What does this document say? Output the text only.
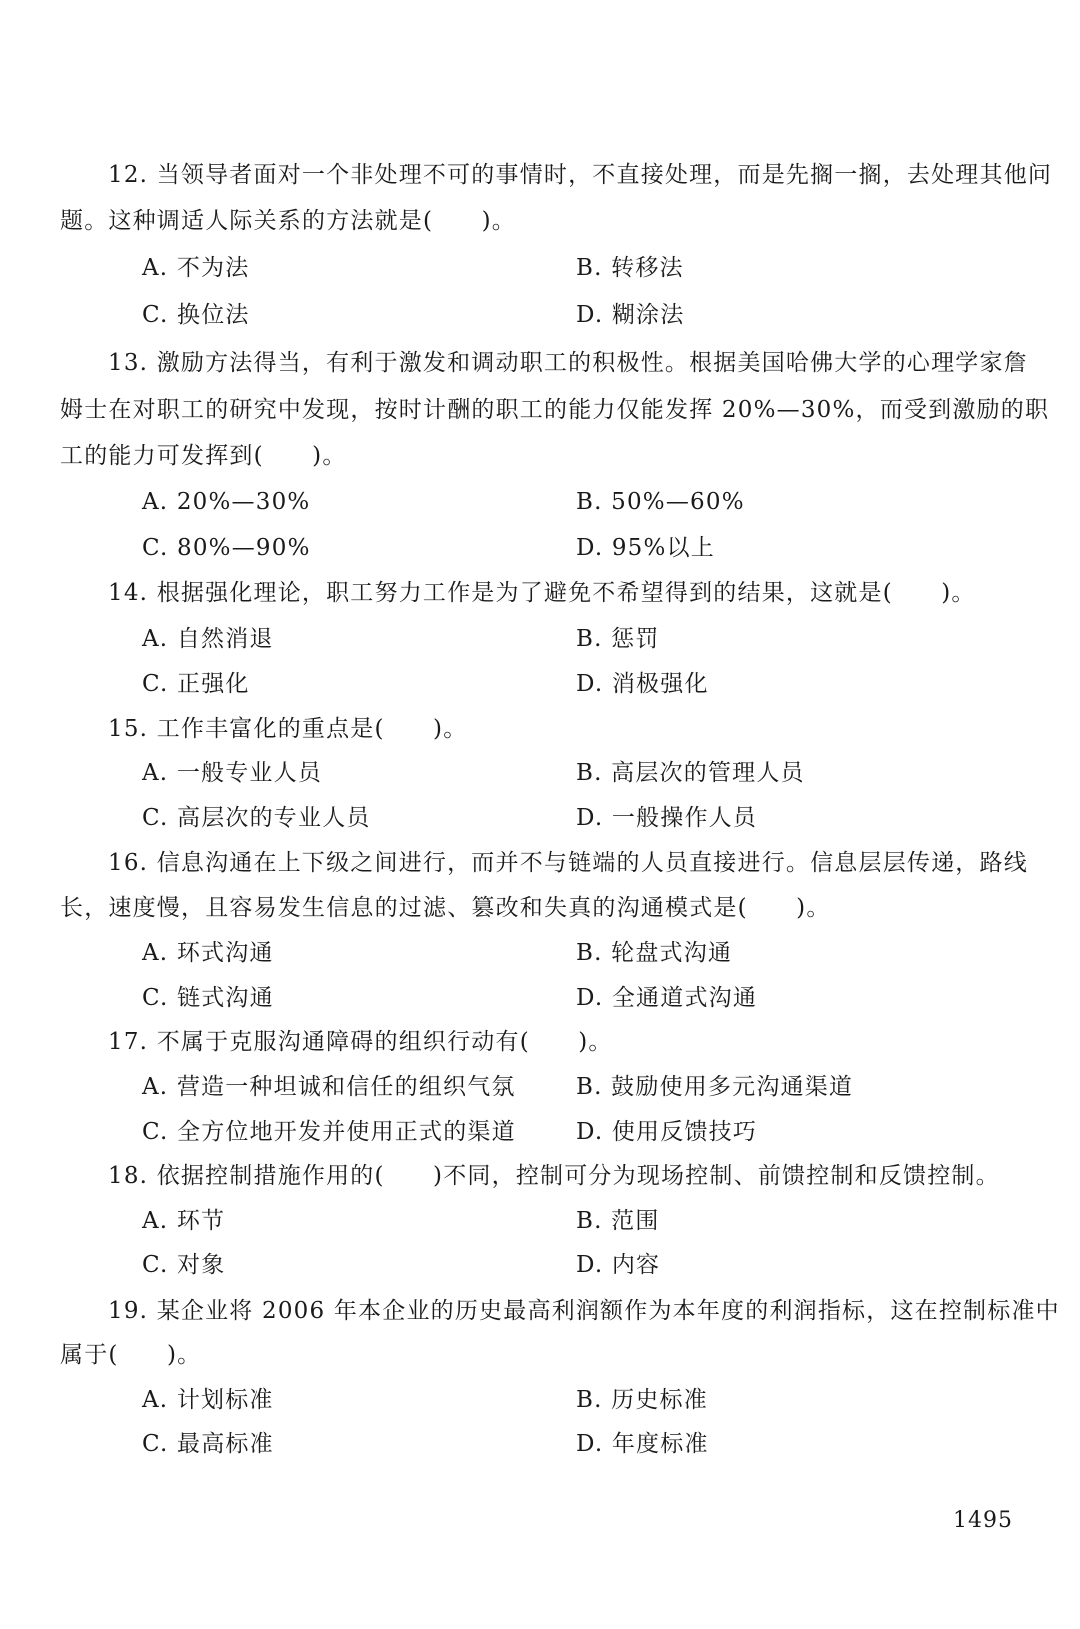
12. 当领导者面对一个非处理不可的事情时，不直接处理，而是先搁一搁，去处理其他问
题。这种调适人际关系的方法就是(　　)。
A. 不为法	B. 转移法
C. 换位法	D. 糊涂法
13. 激励方法得当，有利于激发和调动职工的积极性。根据美国哈佛大学的心理学家詹
姆士在对职工的研究中发现，按时计酬的职工的能力仅能发挥 20%—30%，而受到激励的职
工的能力可发挥到(　　)。
A. 20%—30%	B. 50%—60%
C. 80%—90%	D. 95%以上
14. 根据强化理论，职工努力工作是为了避免不希望得到的结果，这就是(　　)。
A. 自然消退	B. 惩罚
C. 正强化	D. 消极强化
15. 工作丰富化的重点是(　　)。
A. 一般专业人员	B. 高层次的管理人员
C. 高层次的专业人员	D. 一般操作人员
16. 信息沟通在上下级之间进行，而并不与链端的人员直接进行。信息层层传递，路线
长，速度慢，且容易发生信息的过滤、篡改和失真的沟通模式是(　　)。
A. 环式沟通	B. 轮盘式沟通
C. 链式沟通	D. 全通道式沟通
17. 不属于克服沟通障碍的组织行动有(　　)。
A. 营造一种坦诚和信任的组织气氛	B. 鼓励使用多元沟通渠道
C. 全方位地开发并使用正式的渠道	D. 使用反馈技巧
18. 依据控制措施作用的(　　)不同，控制可分为现场控制、前馈控制和反馈控制。
A. 环节	B. 范围
C. 对象	D. 内容
19. 某企业将 2006 年本企业的历史最高利润额作为本年度的利润指标，这在控制标准中
属于(　　)。
A. 计划标准	B. 历史标准
C. 最高标准	D. 年度标准
1495
